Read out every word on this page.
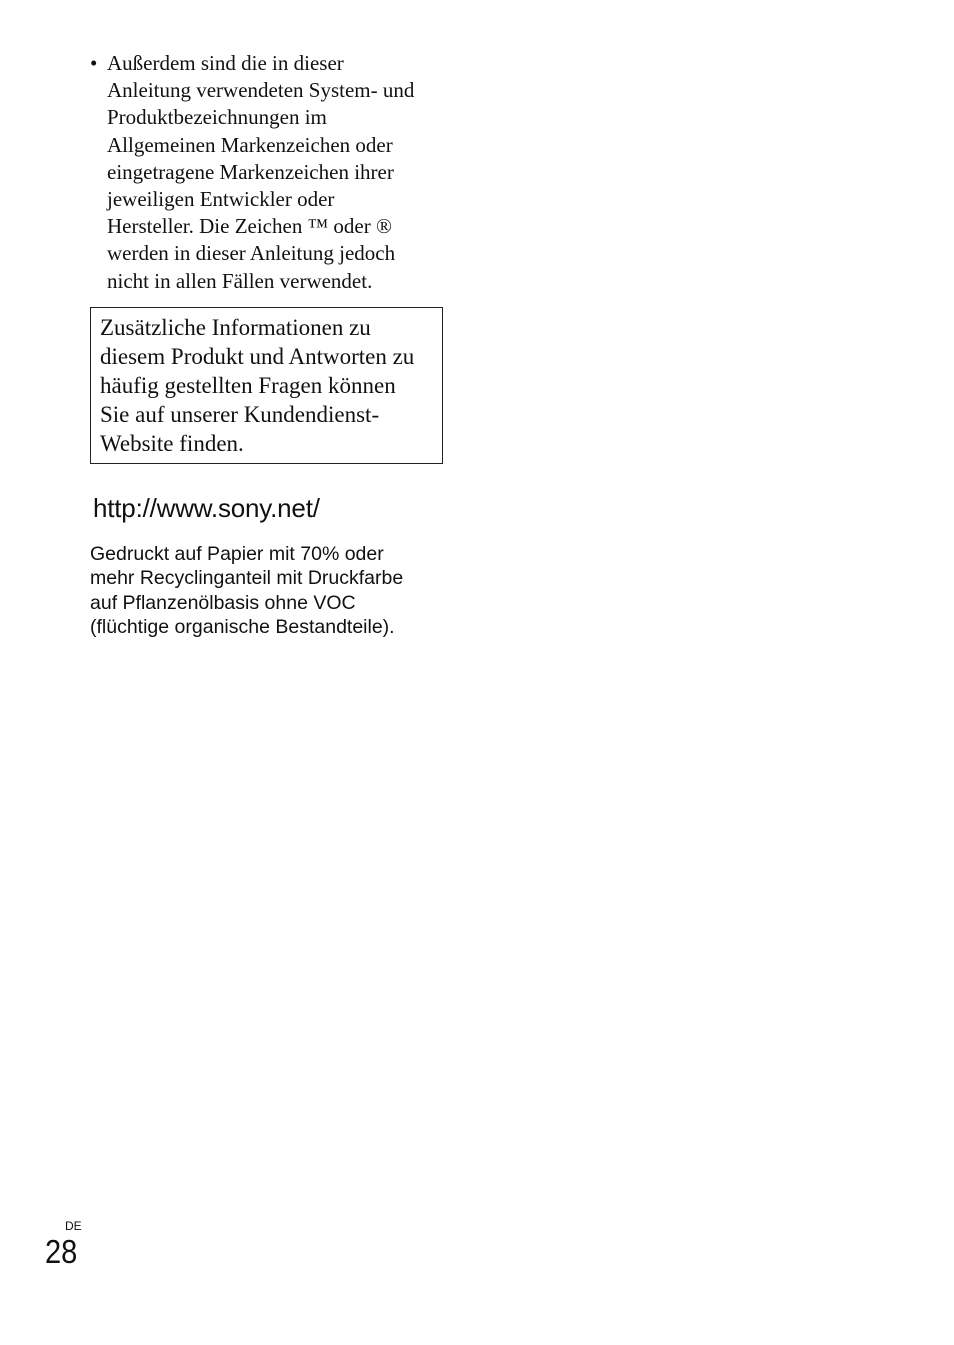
• Außerdem sind die in dieser
Anleitung verwendeten System- und
Produktbezeichnungen im
Allgemeinen Markenzeichen oder
eingetragene Markenzeichen ihrer
jeweiligen Entwickler oder
Hersteller. Die Zeichen ™ oder ®
werden in dieser Anleitung jedoch
nicht in allen Fällen verwendet.
Zusätzliche Informationen zu
diesem Produkt und Antworten zu
häufig gestellten Fragen können
Sie auf unserer Kundendienst-
Website finden.
http://www.sony.net/
Gedruckt auf Papier mit 70% oder
mehr Recyclinganteil mit Druckfarbe
auf Pflanzenölbasis ohne VOC
(flüchtige organische Bestandteile).
DE
28
